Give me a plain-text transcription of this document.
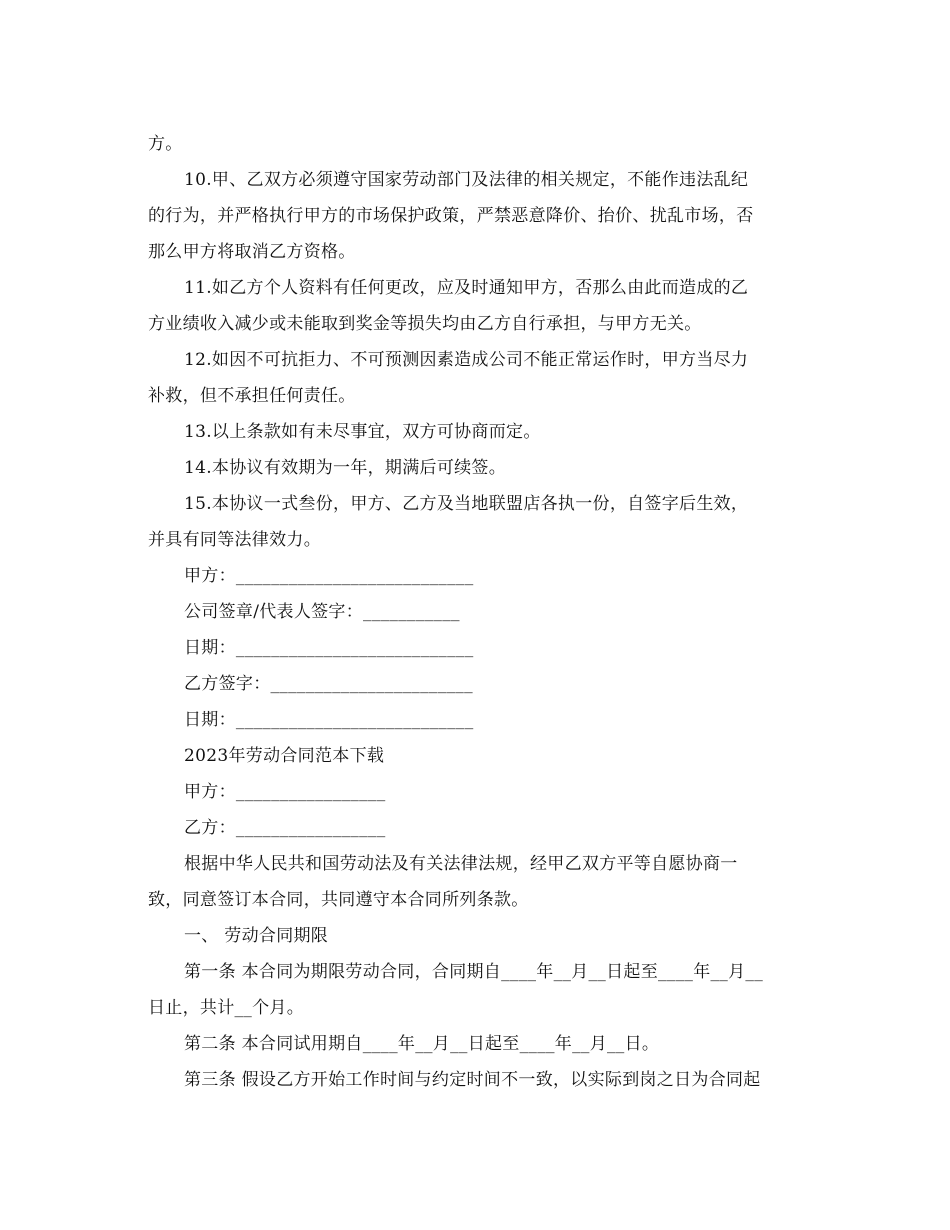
方。
10.甲、乙双方必须遵守国家劳动部门及法律的相关规定，不能作违法乱纪
的行为，并严格执行甲方的市场保护政策，严禁恶意降价、抬价、扰乱市场，否
那么甲方将取消乙方资格。
11.如乙方个人资料有任何更改，应及时通知甲方，否那么由此而造成的乙
方业绩收入减少或未能取到奖金等损失均由乙方自行承担，与甲方无关。
12.如因不可抗拒力、不可预测因素造成公司不能正常运作时，甲方当尽力
补救，但不承担任何责任。
13.以上条款如有未尽事宜，双方可协商而定。
14.本协议有效期为一年，期满后可续签。
15.本协议一式叁份，甲方、乙方及当地联盟店各执一份，自签字后生效，
并具有同等法律效力。
甲方：___________________________
公司签章/代表人签字：___________
日期：___________________________
乙方签字：_______________________
日期：___________________________
2023年劳动合同范本下载
甲方：_________________
乙方：_________________
根据中华人民共和国劳动法及有关法律法规，经甲乙双方平等自愿协商一
致，同意签订本合同，共同遵守本合同所列条款。
一、 劳动合同期限
第一条 本合同为期限劳动合同，合同期自____年__月__日起至____年__月__
日止，共计__个月。
第二条 本合同试用期自____年__月__日起至____年__月__日。
第三条 假设乙方开始工作时间与约定时间不一致，以实际到岗之日为合同起
